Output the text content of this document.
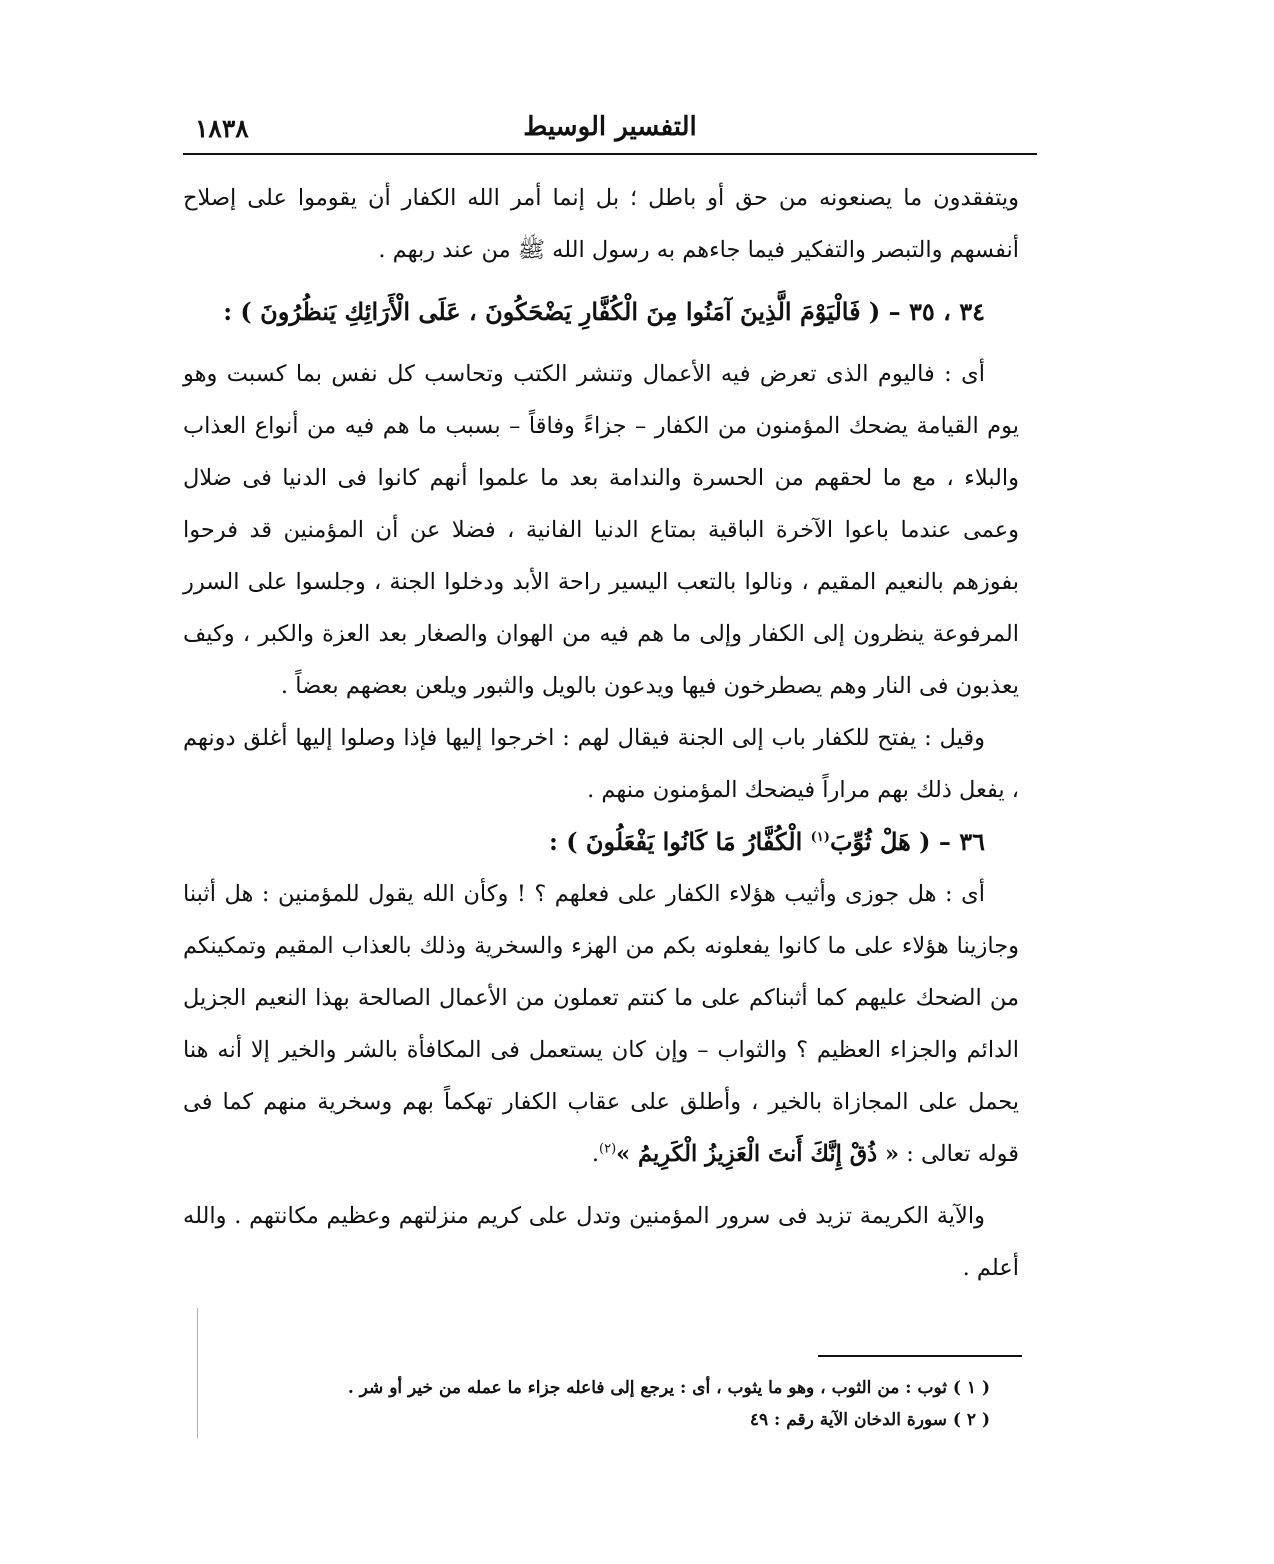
١٨٣٨	التفسير الوسيط

ويتفقدون ما يصنعونه من حق أو باطل ؛ بل إنما أمر الله الكفار أن يقوموا على إصلاح أنفسهم والتبصر والتفكير فيما جاءهم به رسول الله ﷺ من عند ربهم .

٣٤ ، ٣٥ – ( فَالْيَوْمَ الَّذِينَ آمَنُوا مِنَ الْكُفَّارِ يَضْحَكُونَ ، عَلَى الْأَرَائِكِ يَنظُرُونَ ) :

أى : فاليوم الذى تعرض فيه الأعمال وتنشر الكتب وتحاسب كل نفس بما كسبت وهو يوم القيامة يضحك المؤمنون من الكفار – جزاءً وفاقاً – بسبب ما هم فيه من أنواع العذاب والبلاء ، مع ما لحقهم من الحسرة والندامة بعد ما علموا أنهم كانوا فى الدنيا فى ضلال وعمى عندما باعوا الآخرة الباقية بمتاع الدنيا الفانية ، فضلا عن أن المؤمنين قد فرحوا بفوزهم بالنعيم المقيم ، ونالوا بالتعب اليسير راحة الأبد ودخلوا الجنة ، وجلسوا على السرر المرفوعة ينظرون إلى الكفار وإلى ما هم فيه من الهوان والصغار بعد العزة والكبر ، وكيف يعذبون فى النار وهم يصطرخون فيها ويدعون بالويل والثبور ويلعن بعضهم بعضاً .

وقيل : يفتح للكفار باب إلى الجنة فيقال لهم : اخرجوا إليها فإذا وصلوا إليها أغلق دونهم ، يفعل ذلك بهم مراراً فيضحك المؤمنون منهم .

٣٦ – ( هَلْ ثُوِّبَ$^{(١)}$ الْكُفَّارُ مَا كَانُوا يَفْعَلُونَ ) :

أى : هل جوزى وأثيب هؤلاء الكفار على فعلهم ؟ ! وكأن الله يقول للمؤمنين : هل أثبنا وجازينا هؤلاء على ما كانوا يفعلونه بكم من الهزء والسخرية وذلك بالعذاب المقيم وتمكينكم من الضحك عليهم كما أثبناكم على ما كنتم تعملون من الأعمال الصالحة بهذا النعيم الجزيل الدائم والجزاء العظيم ؟ والثواب – وإن كان يستعمل فى المكافأة بالشر والخير إلا أنه هنا يحمل على المجازاة بالخير ، وأطلق على عقاب الكفار تهكماً بهم وسخرية منهم كما فى قوله تعالى : « ذُقْ إِنَّكَ أَنتَ الْعَزِيزُ الْكَرِيمُ »$^{(٢)}$.

والآية الكريمة تزيد فى سرور المؤمنين وتدل على كريم منزلتهم وعظيم مكانتهم . والله أعلم .

( ١ ) ثوب : من الثوب ، وهو ما يثوب ، أى : يرجع إلى فاعله جزاء ما عمله من خير أو شر .

( ٢ ) سورة الدخان الآية رقم : ٤٩
